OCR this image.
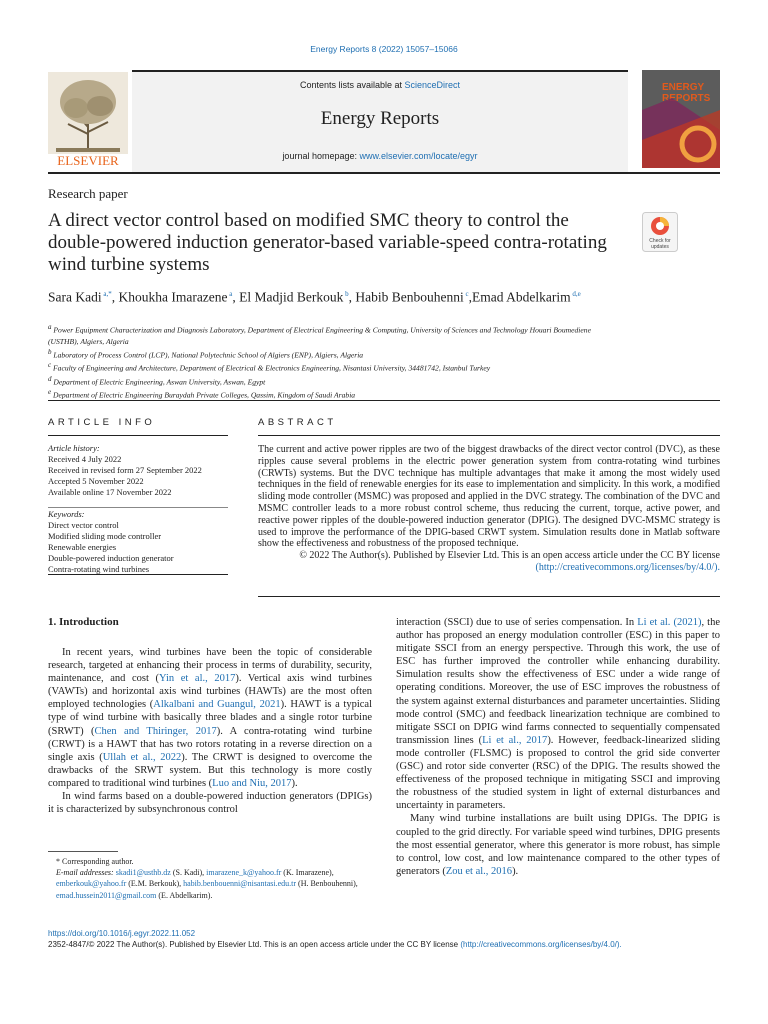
Energy Reports 8 (2022) 15057–15066
ELSEVIER
Contents lists available at ScienceDirect
Energy Reports
journal homepage: www.elsevier.com/locate/egyr
ENERGY
REPORTS
Research paper
A direct vector control based on modified SMC theory to control the double-powered induction generator-based variable-speed contra-rotating wind turbine systems
Check for
updates
Sara Kadi $^{a,*}$, Khoukha Imarazene $^a$, El Madjid Berkouk $^b$, Habib Benbouhenni $^c$,Emad Abdelkarim $^{d,e}$
$^a$ Power Equipment Characterization and Diagnosis Laboratory, Department of Electrical Engineering & Computing, University of Sciences and Technology Houari Boumediene (USTHB), Algiers, Algeria
$^b$ Laboratory of Process Control (LCP), National Polytechnic School of Algiers (ENP), Algiers, Algeria
$^c$ Faculty of Engineering and Architecture, Department of Electrical & Electronics Engineering, Nisantasi University, 34481742, Istanbul Turkey
$^d$ Department of Electric Engineering, Aswan University, Aswan, Egypt
$^e$ Department of Electric Engineering Buraydah Private Colleges, Qassim, Kingdom of Saudi Arabia
ARTICLE INFO	ABSTRACT
Article history:
Received 4 July 2022
Received in revised form 27 September 2022
Accepted 5 November 2022
Available online 17 November 2022
Keywords:
Direct vector control
Modified sliding mode controller
Renewable energies
Double-powered induction generator
Contra-rotating wind turbines
The current and active power ripples are two of the biggest drawbacks of the direct vector control (DVC), as these ripples cause several problems in the electric power generation system from contra-rotating wind turbines (CRWTs) systems. But the DVC technique has multiple advantages that make it among the most widely used techniques in the field of renewable energies for its ease to implementation and simplicity. In this work, a modified sliding mode controller (MSMC) was proposed and applied in the DVC strategy. The combination of the DVC and MSMC controller leads to a more robust control scheme, thus reducing the current, torque, active power, and reactive power ripples of the double-powered induction generator (DPIG). The designed DVC-MSMC strategy is used to improve the performance of the DPIG-based CRWT system. Simulation results done in Matlab software show the effectiveness and robustness of the proposed technique.
© 2022 The Author(s). Published by Elsevier Ltd. This is an open access article under the CC BY license
(http://creativecommons.org/licenses/by/4.0/).
1. Introduction

In recent years, wind turbines have been the topic of considerable research, targeted at enhancing their process in terms of durability, security, maintenance, and cost (Yin et al., 2017). Vertical axis wind turbines (VAWTs) and horizontal axis wind turbines (HAWTs) are the most often employed technologies (Alkalbani and Guangul, 2021). HAWT is a typical type of wind turbine with basically three blades and a single rotor turbine (SRWT) (Chen and Thiringer, 2017). A contra-rotating wind turbine (CRWT) is a HAWT that has two rotors rotating in a reverse direction on a single axis (Ullah et al., 2022). The CRWT is designed to overcome the drawbacks of the SRWT system. But this technology is more costly compared to traditional wind turbines (Luo and Niu, 2017).

In wind farms based on a double-powered induction generators (DPIGs) it is characterized by subsynchronous control

interaction (SSCI) due to use of series compensation. In Li et al. (2021), the author has proposed an energy modulation controller (ESC) in this paper to mitigate SSCI from an energy perspective. Through this work, the use of ESC has further improved the controller while enhancing durability. Simulation results show the effectiveness of ESC under a wide range of operating conditions. Moreover, the use of ESC improves the robustness of the system against external disturbances and parameter uncertainties. Sliding mode control (SMC) and feedback linearization technique are combined to mitigate SSCI on DPIG wind farms connected to sequentially compensated transmission lines (Li et al., 2017). However, feedback-linearized sliding mode controller (FLSMC) is proposed to control the grid side converter (GSC) and rotor side converter (RSC) of the DPIG. The results showed the effectiveness of the proposed technique in mitigating SSCI and improving the robustness of the studied system in light of external disturbances and uncertainty in parameters.

Many wind turbine installations are built using DPIGs. The DPIG is coupled to the grid directly. For variable speed wind turbines, DPIG presents the most essential generator, where this generator is more robust, has simple to control, low cost, and low maintenance compared to the other types of generators (Zou et al., 2016).

* Corresponding author.
E-mail addresses: skadi1@usthb.dz (S. Kadi), imarazene_k@yahoo.fr (K. Imarazene), emberkouk@yahoo.fr (E.M. Berkouk), habib.benbouenni@nisantasi.edu.tr (H. Benbouhenni), emad.hussein2011@gmail.com (E. Abdelkarim).
https://doi.org/10.1016/j.egyr.2022.11.052
2352-4847/© 2022 The Author(s). Published by Elsevier Ltd. This is an open access article under the CC BY license (http://creativecommons.org/licenses/by/4.0/).
